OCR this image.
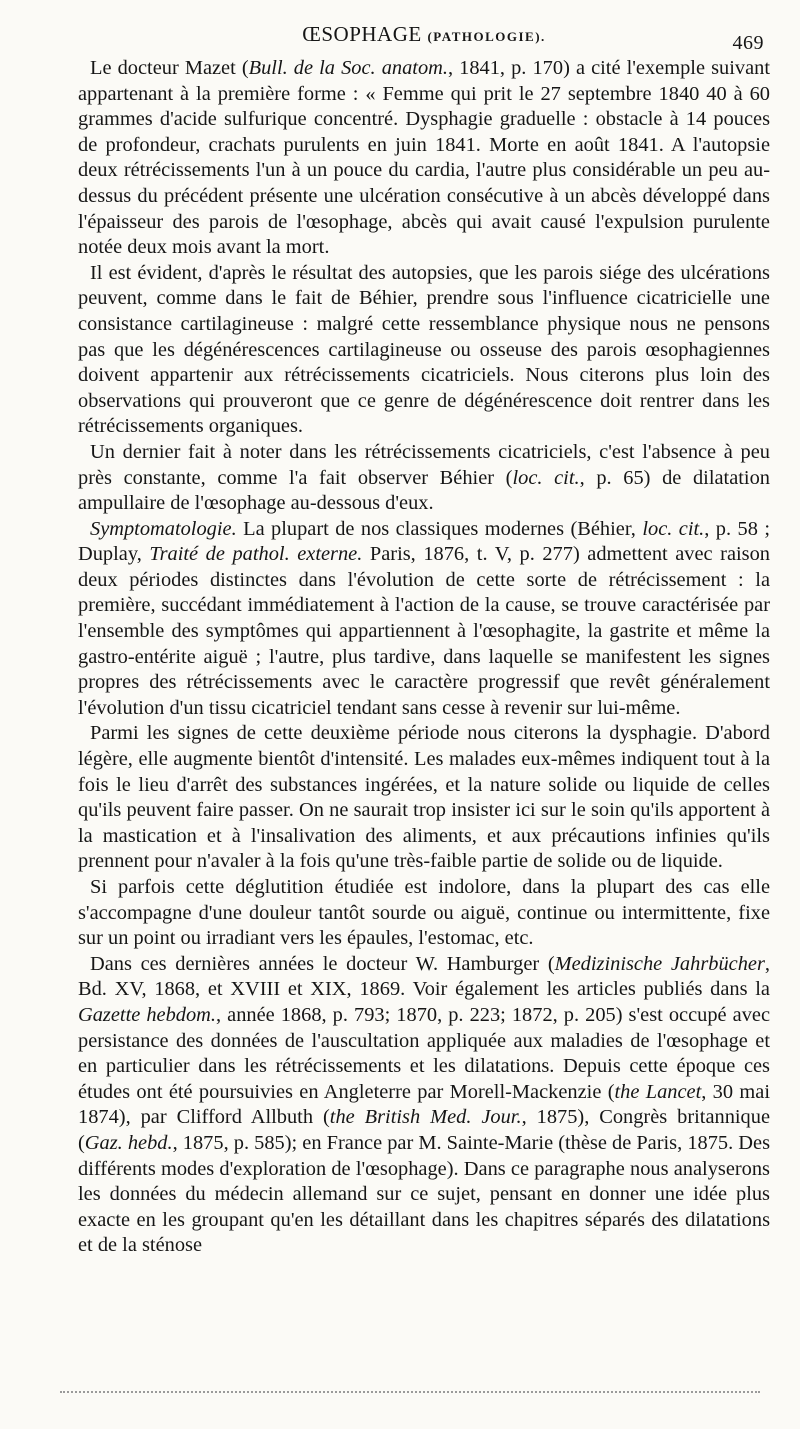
ŒSOPHAGE (PATHOLOGIE).	469

Le docteur Mazet (Bull. de la Soc. anatom., 1841, p. 170) a cité l'exemple suivant appartenant à la première forme : « Femme qui prit le 27 septembre 1840 40 à 60 grammes d'acide sulfurique concentré. Dysphagie graduelle : obstacle à 14 pouces de profondeur, crachats purulents en juin 1841. Morte en août 1841. A l'autopsie deux rétrécissements l'un à un pouce du cardia, l'autre plus considérable un peu au-dessus du précédent présente une ulcération consécutive à un abcès développé dans l'épaisseur des parois de l'œsophage, abcès qui avait causé l'expulsion purulente notée deux mois avant la mort.

Il est évident, d'après le résultat des autopsies, que les parois siége des ulcérations peuvent, comme dans le fait de Béhier, prendre sous l'influence cicatricielle une consistance cartilagineuse : malgré cette ressemblance physique nous ne pensons pas que les dégénérescences cartilagineuse ou osseuse des parois œsophagiennes doivent appartenir aux rétrécissements cicatriciels. Nous citerons plus loin des observations qui prouveront que ce genre de dégénérescence doit rentrer dans les rétrécissements organiques.

Un dernier fait à noter dans les rétrécissements cicatriciels, c'est l'absence à peu près constante, comme l'a fait observer Béhier (loc. cit., p. 65) de dilatation ampullaire de l'œsophage au-dessous d'eux.

Symptomatologie. La plupart de nos classiques modernes (Béhier, loc. cit., p. 58 ; Duplay, Traité de pathol. externe. Paris, 1876, t. V, p. 277) admettent avec raison deux périodes distinctes dans l'évolution de cette sorte de rétrécissement : la première, succédant immédiatement à l'action de la cause, se trouve caractérisée par l'ensemble des symptômes qui appartiennent à l'œsophagite, la gastrite et même la gastro-entérite aiguë ; l'autre, plus tardive, dans laquelle se manifestent les signes propres des rétrécissements avec le caractère progressif que revêt généralement l'évolution d'un tissu cicatriciel tendant sans cesse à revenir sur lui-même.

Parmi les signes de cette deuxième période nous citerons la dysphagie. D'abord légère, elle augmente bientôt d'intensité. Les malades eux-mêmes indiquent tout à la fois le lieu d'arrêt des substances ingérées, et la nature solide ou liquide de celles qu'ils peuvent faire passer. On ne saurait trop insister ici sur le soin qu'ils apportent à la mastication et à l'insalivation des aliments, et aux précautions infinies qu'ils prennent pour n'avaler à la fois qu'une très-faible partie de solide ou de liquide.

Si parfois cette déglutition étudiée est indolore, dans la plupart des cas elle s'accompagne d'une douleur tantôt sourde ou aiguë, continue ou intermittente, fixe sur un point ou irradiant vers les épaules, l'estomac, etc.

Dans ces dernières années le docteur W. Hamburger (Medizinische Jahrbücher, Bd. XV, 1868, et XVIII et XIX, 1869. Voir également les articles publiés dans la Gazette hebdom., année 1868, p. 793; 1870, p. 223; 1872, p. 205) s'est occupé avec persistance des données de l'auscultation appliquée aux maladies de l'œsophage et en particulier dans les rétrécissements et les dilatations. Depuis cette époque ces études ont été poursuivies en Angleterre par Morell-Mackenzie (the Lancet, 30 mai 1874), par Clifford Allbuth (the British Med. Jour., 1875), Congrès britannique (Gaz. hebd., 1875, p. 585); en France par M. Sainte-Marie (thèse de Paris, 1875. Des différents modes d'exploration de l'œsophage). Dans ce paragraphe nous analyserons les données du médecin allemand sur ce sujet, pensant en donner une idée plus exacte en les groupant qu'en les détaillant dans les chapitres séparés des dilatations et de la sténose
